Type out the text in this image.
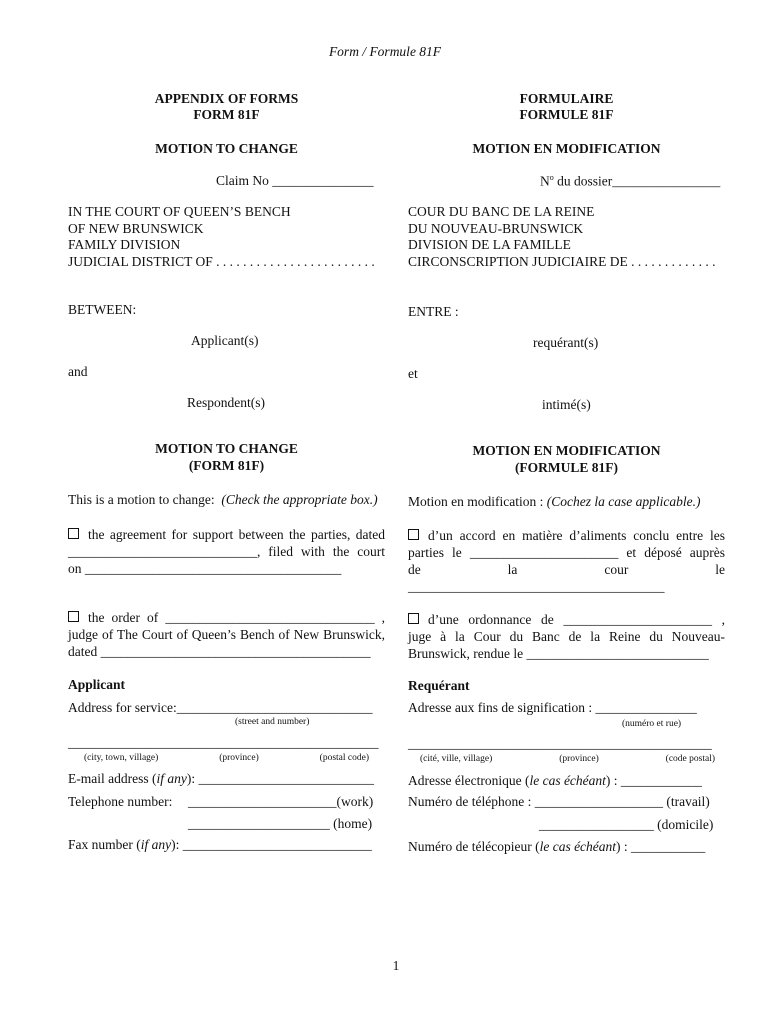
Form / Formule 81F
APPENDIX OF FORMS
FORM 81F
MOTION TO CHANGE
Claim No _______________
IN THE COURT OF QUEEN’S BENCH
OF NEW BRUNSWICK
FAMILY DIVISION
JUDICIAL DISTRICT OF . . . . . . . . . . . . . . . . . . . . . . . .
BETWEEN:
Applicant(s)
and
Respondent(s)
MOTION TO CHANGE
(FORM 81F)
This is a motion to change: (Check the appropriate box.)
the agreement for support between the parties, dated
____________________________, filed with the court
on ______________________________________
the order of _______________________________ ,
judge of The Court of Queen’s Bench of New Brunswick,
dated ________________________________________
Applicant
Address for service:_____________________________
(street and number)
______________________________________________
(city, town, village)	(province)	(postal code)
E-mail address (if any): __________________________
Telephone number: ______________________(work)
_____________________ (home)
Fax number (if any): ____________________________
FORMULAIRE
FORMULE 81F
MOTION EN MODIFICATION
$N^o$ du dossier________________
COUR DU BANC DE LA REINE
DU NOUVEAU-BRUNSWICK
DIVISION DE LA FAMILLE
CIRCONSCRIPTION JUDICIAIRE DE . . . . . . . . . . . . .
ENTRE :
requérant(s)
et
intimé(s)
MOTION EN MODIFICATION
(FORMULE 81F)
Motion en modification : (Cochez la case applicable.)
d’un accord en matière d’aliments conclu entre les
parties le ______________________ et déposé auprès
de la cour le
______________________________________
d’une ordonnance de ______________________ ,
juge à la Cour du Banc de la Reine du Nouveau-
Brunswick, rendue le ___________________________
Requérant
Adresse aux fins de signification : _______________
(numéro et rue)
_____________________________________________
(cité, ville, village)	(province)	(code postal)
Adresse électronique (le cas échéant) : ____________
Numéro de téléphone : ___________________ (travail)
_________________ (domicile)
Numéro de télécopieur (le cas échéant) : ___________
1
